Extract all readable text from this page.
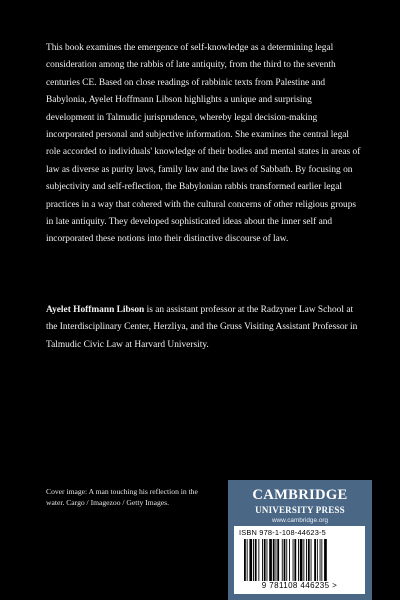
This book examines the emergence of self-knowledge as a determining legal consideration among the rabbis of late antiquity, from the third to the seventh centuries CE. Based on close readings of rabbinic texts from Palestine and Babylonia, Ayelet Hoffmann Libson highlights a unique and surprising development in Talmudic jurisprudence, whereby legal decision-making incorporated personal and subjective information. She examines the central legal role accorded to individuals' knowledge of their bodies and mental states in areas of law as diverse as purity laws, family law and the laws of Sabbath. By focusing on subjectivity and self-reflection, the Babylonian rabbis transformed earlier legal practices in a way that cohered with the cultural concerns of other religious groups in late antiquity. They developed sophisticated ideas about the inner self and incorporated these notions into their distinctive discourse of law.

Ayelet Hoffmann Libson is an assistant professor at the Radzyner Law School at the Interdisciplinary Center, Herzliya, and the Gruss Visiting Assistant Professor in Talmudic Civic Law at Harvard University.
Cover image: A man touching his reflection in the water. Cargo / Imagezoo / Getty Images.	CAMBRIDGE
UNIVERSITY PRESS
www.cambridge.org
ISBN 978-1-108-44623-5
9 781108 446235 >
